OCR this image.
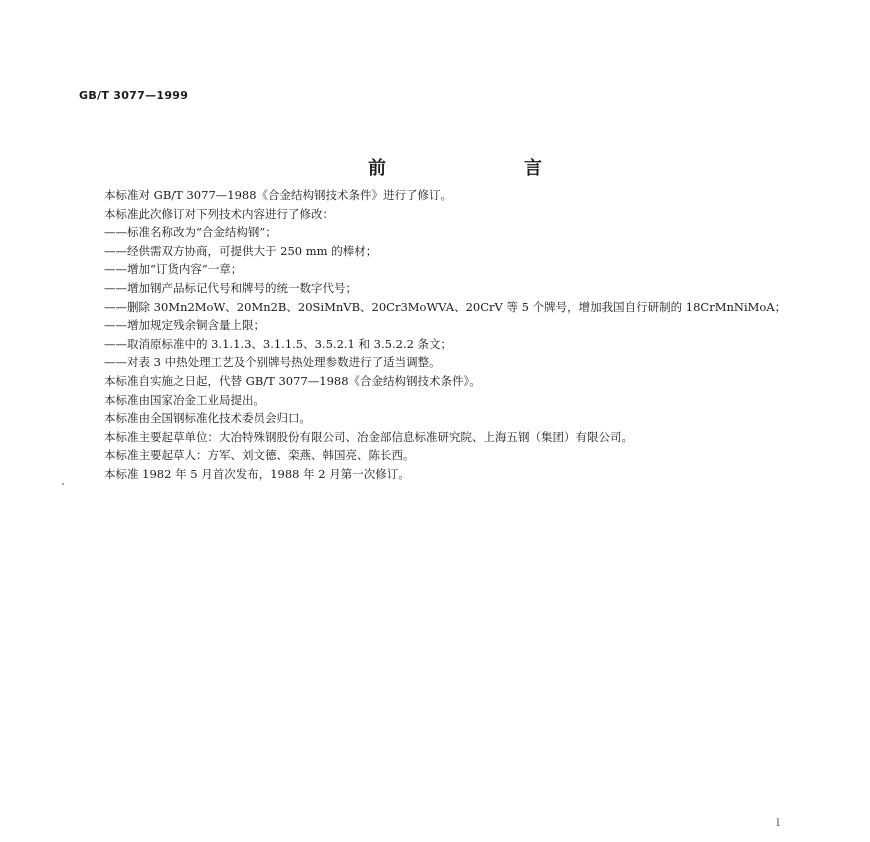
GB/T 3077—1999
前　言

本标准对 GB/T 3077—1988《合金结构钢技术条件》进行了修订。

本标准此次修订对下列技术内容进行了修改：

——标准名称改为“合金结构钢”；

——经供需双方协商，可提供大于 250 mm 的棒材；

——增加“订货内容”一章；

——增加钢产品标记代号和牌号的统一数字代号；

——删除 30Mn2MoW、20Mn2B、20SiMnVB、20Cr3MoWVA、20CrV 等 5 个牌号，增加我国自行研制的 18CrMnNiMoA；

——增加规定残余铜含量上限；

——取消原标准中的 3.1.1.3、3.1.1.5、3.5.2.1 和 3.5.2.2 条文；

——对表 3 中热处理工艺及个别牌号热处理参数进行了适当调整。

本标准自实施之日起，代替 GB/T 3077—1988《合金结构钢技术条件》。

本标准由国家冶金工业局提出。

本标准由全国钢标准化技术委员会归口。

本标准主要起草单位：大冶特殊钢股份有限公司、冶金部信息标准研究院、上海五钢（集团）有限公司。

本标准主要起草人：方军、刘文德、栾燕、韩国亮、陈长西。

本标准 1982 年 5 月首次发布，1988 年 2 月第一次修订。

I
